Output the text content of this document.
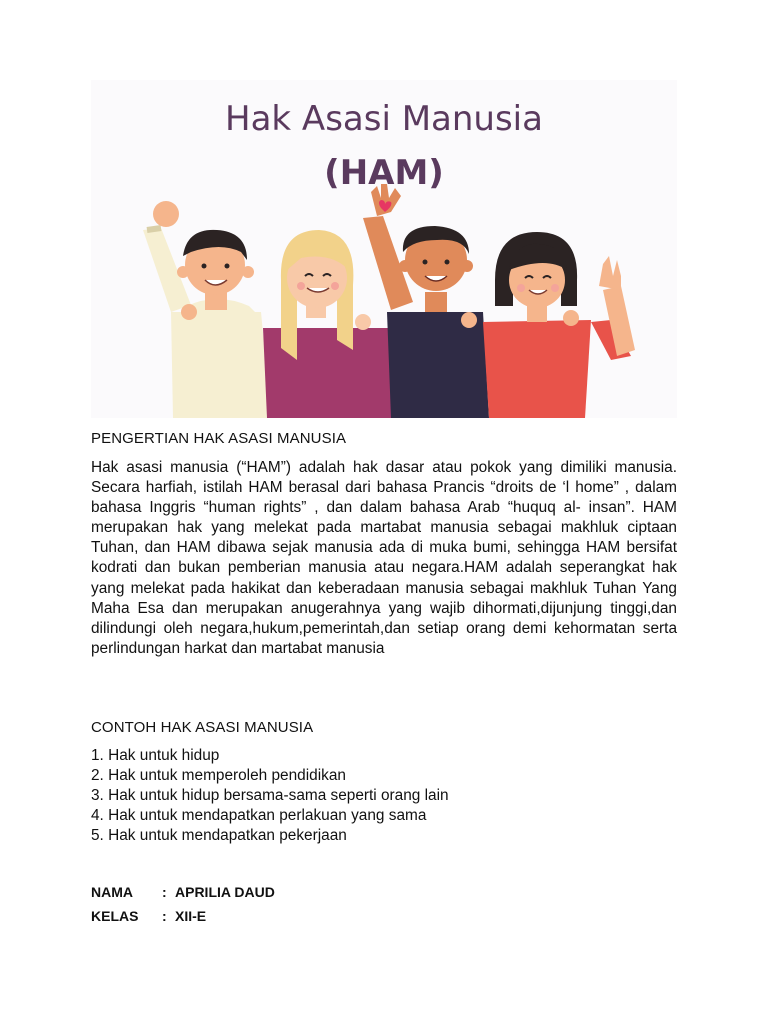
Hak Asasi Manusia
(HAM)
PENGERTIAN HAK ASASI MANUSIA
Hak asasi manusia (“HAM”) adalah hak dasar atau pokok yang dimiliki manusia. Secara harfiah, istilah HAM berasal dari bahasa Prancis “droits de ‘l home” , dalam bahasa Inggris “human rights” , dan dalam bahasa Arab “huquq al- insan”. HAM merupakan hak yang melekat pada martabat manusia sebagai makhluk ciptaan Tuhan, dan HAM dibawa sejak manusia ada di muka bumi, sehingga HAM bersifat kodrati dan bukan pemberian manusia atau negara.HAM adalah seperangkat hak yang melekat pada hakikat dan keberadaan manusia sebagai makhluk Tuhan Yang Maha Esa dan merupakan anugerahnya yang wajib dihormati,dijunjung tinggi,dan dilindungi oleh negara,hukum,pemerintah,dan setiap orang demi kehormatan serta perlindungan harkat dan martabat manusia
CONTOH HAK ASASI MANUSIA
1. Hak untuk hidup
2. Hak untuk memperoleh pendidikan
3. Hak untuk hidup bersama-sama seperti orang lain
4. Hak untuk mendapatkan perlakuan yang sama
5. Hak untuk mendapatkan pekerjaan
NAMA : APRILIA DAUD
KELAS : XII-E
